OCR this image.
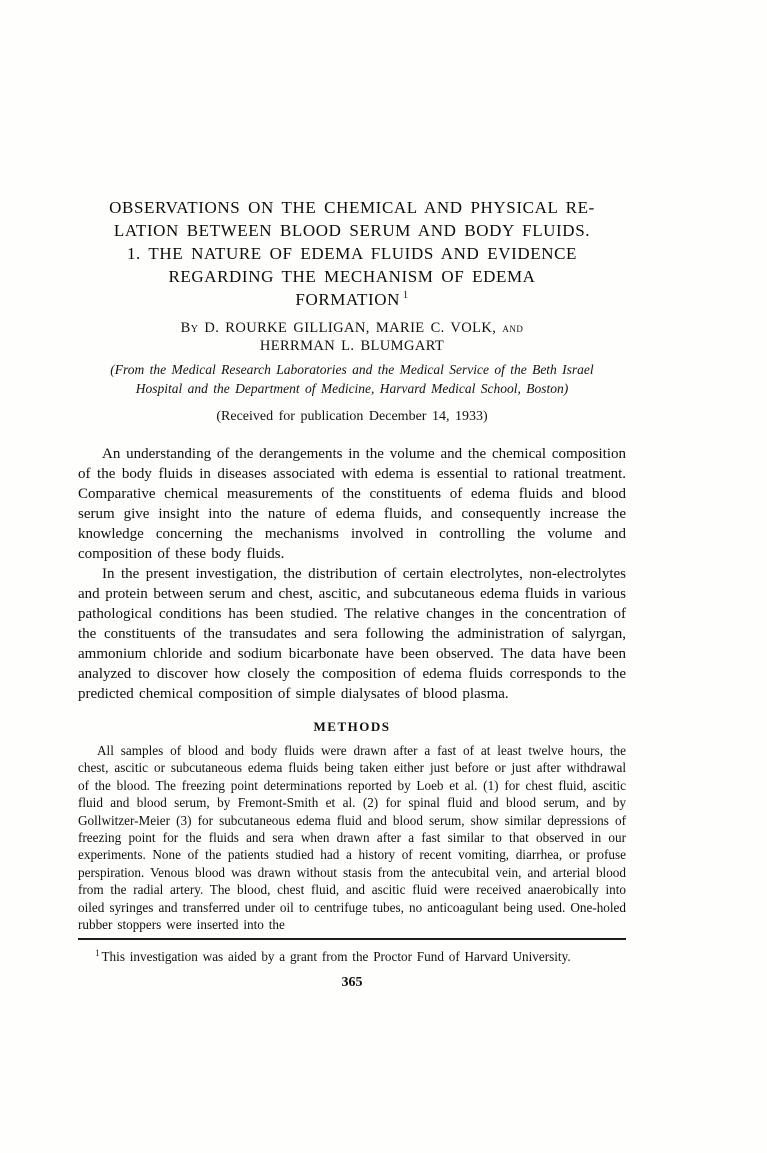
OBSERVATIONS ON THE CHEMICAL AND PHYSICAL RE-
LATION BETWEEN BLOOD SERUM AND BODY FLUIDS.
1. THE NATURE OF EDEMA FLUIDS AND EVIDENCE
REGARDING THE MECHANISM OF EDEMA
FORMATION $^1$
By D. ROURKE GILLIGAN, MARIE C. VOLK, and
HERRMAN L. BLUMGART
(From the Medical Research Laboratories and the Medical Service of the Beth Israel
Hospital and the Department of Medicine, Harvard Medical School, Boston)
(Received for publication December 14, 1933)

An understanding of the derangements in the volume and the chemical composition of the body fluids in diseases associated with edema is essential to rational treatment. Comparative chemical measurements of the constituents of edema fluids and blood serum give insight into the nature of edema fluids, and consequently increase the knowledge concerning the mechanisms involved in controlling the volume and composition of these body fluids.

In the present investigation, the distribution of certain electrolytes, non-electrolytes and protein between serum and chest, ascitic, and subcutaneous edema fluids in various pathological conditions has been studied. The relative changes in the concentration of the constituents of the transudates and sera following the administration of salyrgan, ammonium chloride and sodium bicarbonate have been observed. The data have been analyzed to discover how closely the composition of edema fluids corresponds to the predicted chemical composition of simple dialysates of blood plasma.

METHODS

All samples of blood and body fluids were drawn after a fast of at least twelve hours, the chest, ascitic or subcutaneous edema fluids being taken either just before or just after withdrawal of the blood. The freezing point determinations reported by Loeb et al. (1) for chest fluid, ascitic fluid and blood serum, by Fremont-Smith et al. (2) for spinal fluid and blood serum, and by Gollwitzer-Meier (3) for subcutaneous edema fluid and blood serum, show similar depressions of freezing point for the fluids and sera when drawn after a fast similar to that observed in our experiments. None of the patients studied had a history of recent vomiting, diarrhea, or profuse perspiration. Venous blood was drawn without stasis from the antecubital vein, and arterial blood from the radial artery. The blood, chest fluid, and ascitic fluid were received anaerobically into oiled syringes and transferred under oil to centrifuge tubes, no anticoagulant being used. One-holed rubber stoppers were inserted into the

$^1$ This investigation was aided by a grant from the Proctor Fund of Harvard University.

365
